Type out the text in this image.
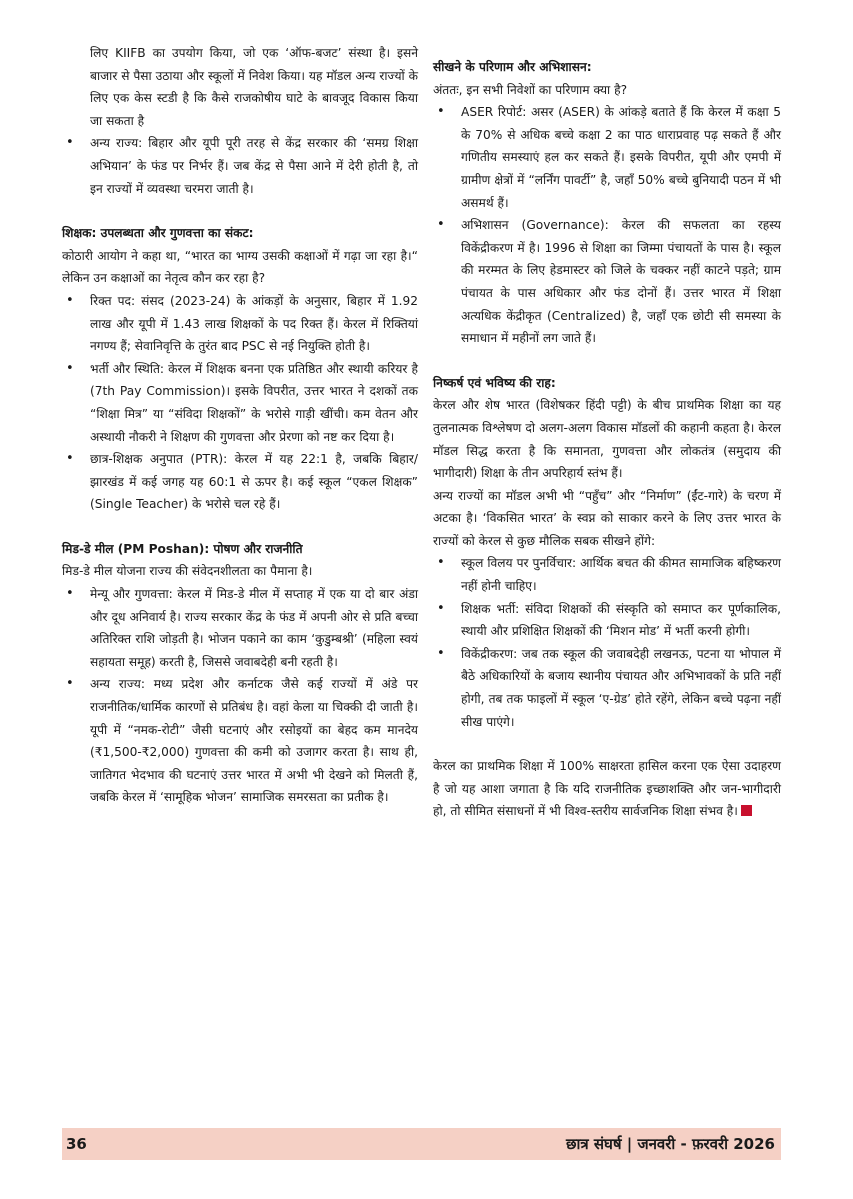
लिए KIIFB का उपयोग किया, जो एक ‘ऑफ-बजट’ संस्था है। इसने बाजार से पैसा उठाया और स्कूलों में निवेश किया। यह मॉडल अन्य राज्यों के लिए एक केस स्टडी है कि कैसे राजकोषीय घाटे के बावजूद विकास किया जा सकता है

• अन्य राज्य: बिहार और यूपी पूरी तरह से केंद्र सरकार की ‘समग्र शिक्षा अभियान’ के फंड पर निर्भर हैं। जब केंद्र से पैसा आने में देरी होती है, तो इन राज्यों में व्यवस्था चरमरा जाती है।

शिक्षक: उपलब्धता और गुणवत्ता का संकट:

कोठारी आयोग ने कहा था, “भारत का भाग्य उसकी कक्षाओं में गढ़ा जा रहा है।“ लेकिन उन कक्षाओं का नेतृत्व कौन कर रहा है?

• रिक्त पद: संसद (2023-24) के आंकड़ों के अनुसार, बिहार में 1.92 लाख और यूपी में 1.43 लाख शिक्षकों के पद रिक्त हैं। केरल में रिक्तियां नगण्य हैं; सेवानिवृत्ति के तुरंत बाद PSC से नई नियुक्ति होती है।
• भर्ती और स्थिति: केरल में शिक्षक बनना एक प्रतिष्ठित और स्थायी करियर है (7th Pay Commission)। इसके विपरीत, उत्तर भारत ने दशकों तक “शिक्षा मित्र” या “संविदा शिक्षकों” के भरोसे गाड़ी खींची। कम वेतन और अस्थायी नौकरी ने शिक्षण की गुणवत्ता और प्रेरणा को नष्ट कर दिया है।
• छात्र-शिक्षक अनुपात (PTR): केरल में यह 22:1 है, जबकि बिहार/झारखंड में कई जगह यह 60:1 से ऊपर है। कई स्कूल “एकल शिक्षक” (Single Teacher) के भरोसे चल रहे हैं।

मिड-डे मील (PM Poshan): पोषण और राजनीति

मिड-डे मील योजना राज्य की संवेदनशीलता का पैमाना है।

• मेन्यू और गुणवत्ता: केरल में मिड-डे मील में सप्ताह में एक या दो बार अंडा और दूध अनिवार्य है। राज्य सरकार केंद्र के फंड में अपनी ओर से प्रति बच्चा अतिरिक्त राशि जोड़ती है। भोजन पकाने का काम ‘कुडुम्बश्री’ (महिला स्वयं सहायता समूह) करती है, जिससे जवाबदेही बनी रहती है।
• अन्य राज्य: मध्य प्रदेश और कर्नाटक जैसे कई राज्यों में अंडे पर राजनीतिक/धार्मिक कारणों से प्रतिबंध है। वहां केला या चिक्की दी जाती है। यूपी में “नमक-रोटी” जैसी घटनाएं और रसोइयों का बेहद कम मानदेय (₹1,500-₹2,000) गुणवत्ता की कमी को उजागर करता है। साथ ही, जातिगत भेदभाव की घटनाएं उत्तर भारत में अभी भी देखने को मिलती हैं, जबकि केरल में ‘सामूहिक भोजन’ सामाजिक समरसता का प्रतीक है।

सीखने के परिणाम और अभिशासन:

अंततः, इन सभी निवेशों का परिणाम क्या है?

• ASER रिपोर्ट: असर (ASER) के आंकड़े बताते हैं कि केरल में कक्षा 5 के 70% से अधिक बच्चे कक्षा 2 का पाठ धाराप्रवाह पढ़ सकते हैं और गणितीय समस्याएं हल कर सकते हैं। इसके विपरीत, यूपी और एमपी में ग्रामीण क्षेत्रों में “लर्निंग पावर्टी” है, जहाँ 50% बच्चे बुनियादी पठन में भी असमर्थ हैं।
• अभिशासन (Governance): केरल की सफलता का रहस्य विकेंद्रीकरण में है। 1996 से शिक्षा का जिम्मा पंचायतों के पास है। स्कूल की मरम्मत के लिए हेडमास्टर को जिले के चक्कर नहीं काटने पड़ते; ग्राम पंचायत के पास अधिकार और फंड दोनों हैं। उत्तर भारत में शिक्षा अत्यधिक केंद्रीकृत (Centralized) है, जहाँ एक छोटी सी समस्या के समाधान में महीनों लग जाते हैं।

निष्कर्ष एवं भविष्य की राह:

केरल और शेष भारत (विशेषकर हिंदी पट्टी) के बीच प्राथमिक शिक्षा का यह तुलनात्मक विश्लेषण दो अलग-अलग विकास मॉडलों की कहानी कहता है। केरल मॉडल सिद्ध करता है कि समानता, गुणवत्ता और लोकतंत्र (समुदाय की भागीदारी) शिक्षा के तीन अपरिहार्य स्तंभ हैं।

अन्य राज्यों का मॉडल अभी भी “पहुँच” और “निर्माण” (ईंट-गारे) के चरण में अटका है। ‘विकसित भारत’ के स्वप्न को साकार करने के लिए उत्तर भारत के राज्यों को केरल से कुछ मौलिक सबक सीखने होंगे:

• स्कूल विलय पर पुनर्विचार: आर्थिक बचत की कीमत सामाजिक बहिष्करण नहीं होनी चाहिए।
• शिक्षक भर्ती: संविदा शिक्षकों की संस्कृति को समाप्त कर पूर्णकालिक, स्थायी और प्रशिक्षित शिक्षकों की ‘मिशन मोड’ में भर्ती करनी होगी।
• विकेंद्रीकरण: जब तक स्कूल की जवाबदेही लखनऊ, पटना या भोपाल में बैठे अधिकारियों के बजाय स्थानीय पंचायत और अभिभावकों के प्रति नहीं होगी, तब तक फाइलों में स्कूल ‘ए-ग्रेड’ होते रहेंगे, लेकिन बच्चे पढ़ना नहीं सीख पाएंगे।

केरल का प्राथमिक शिक्षा में 100% साक्षरता हासिल करना एक ऐसा उदाहरण है जो यह आशा जगाता है कि यदि राजनीतिक इच्छाशक्ति और जन-भागीदारी हो, तो सीमित संसाधनों में भी विश्व-स्तरीय सार्वजनिक शिक्षा संभव है।

36	छात्र संघर्ष | जनवरी - फ़रवरी 2026
